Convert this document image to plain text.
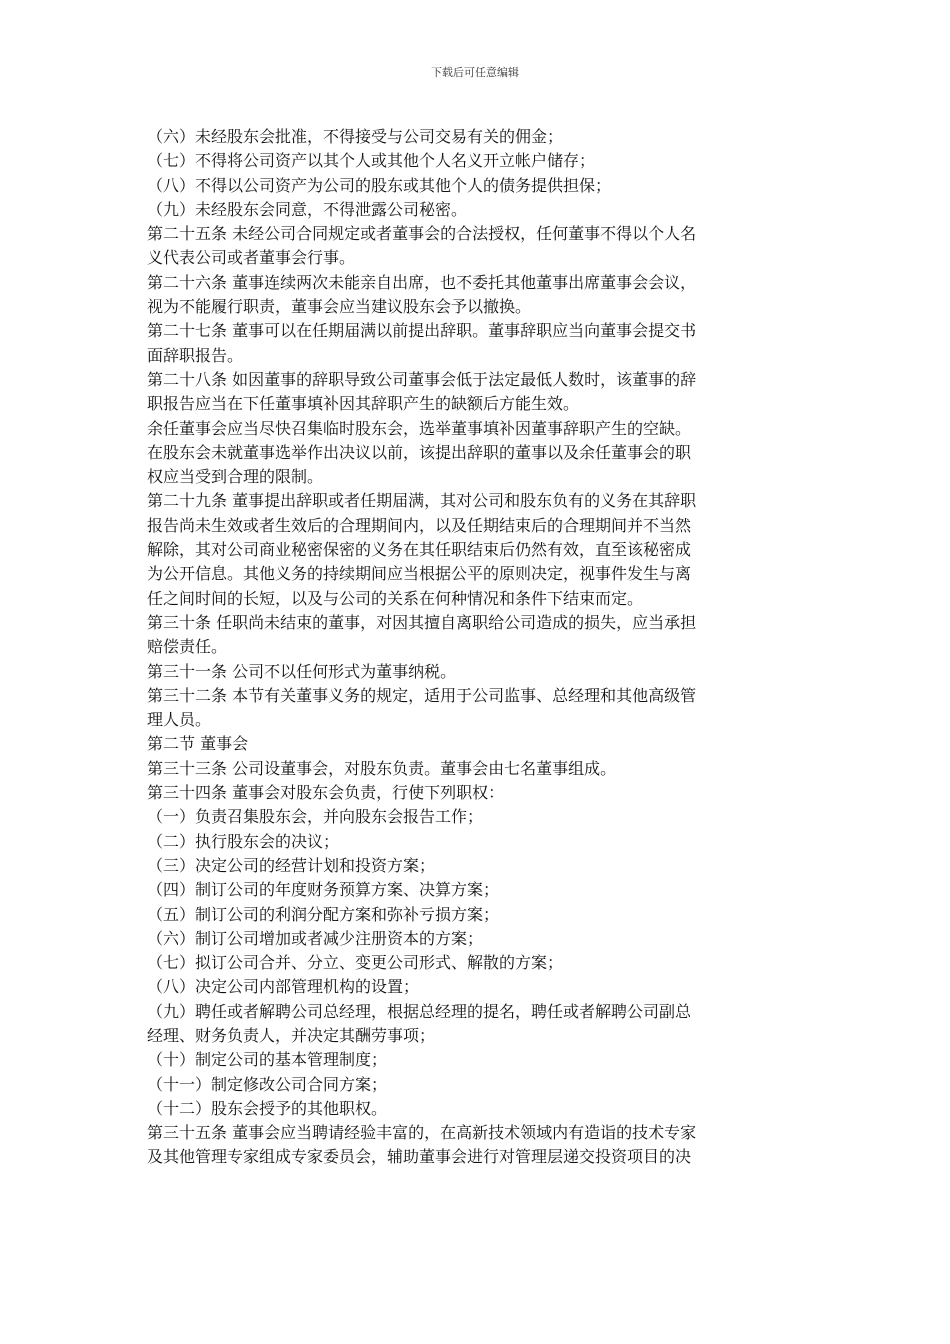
下载后可任意编辑
（六）未经股东会批准，不得接受与公司交易有关的佣金；
（七）不得将公司资产以其个人或其他个人名义开立帐户储存；
（八）不得以公司资产为公司的股东或其他个人的债务提供担保；
（九）未经股东会同意，不得泄露公司秘密。
第二十五条 未经公司合同规定或者董事会的合法授权，任何董事不得以个人名
义代表公司或者董事会行事。
第二十六条 董事连续两次未能亲自出席，也不委托其他董事出席董事会会议，
视为不能履行职责，董事会应当建议股东会予以撤换。
第二十七条 董事可以在任期届满以前提出辞职。董事辞职应当向董事会提交书
面辞职报告。
第二十八条 如因董事的辞职导致公司董事会低于法定最低人数时，该董事的辞
职报告应当在下任董事填补因其辞职产生的缺额后方能生效。
余任董事会应当尽快召集临时股东会，选举董事填补因董事辞职产生的空缺。
在股东会未就董事选举作出决议以前，该提出辞职的董事以及余任董事会的职
权应当受到合理的限制。
第二十九条 董事提出辞职或者任期届满，其对公司和股东负有的义务在其辞职
报告尚未生效或者生效后的合理期间内，以及任期结束后的合理期间并不当然
解除，其对公司商业秘密保密的义务在其任职结束后仍然有效，直至该秘密成
为公开信息。其他义务的持续期间应当根据公平的原则决定，视事件发生与离
任之间时间的长短，以及与公司的关系在何种情况和条件下结束而定。
第三十条 任职尚未结束的董事，对因其擅自离职给公司造成的损失，应当承担
赔偿责任。
第三十一条 公司不以任何形式为董事纳税。
第三十二条 本节有关董事义务的规定，适用于公司监事、总经理和其他高级管
理人员。
第二节 董事会
第三十三条 公司设董事会，对股东负责。董事会由七名董事组成。
第三十四条 董事会对股东会负责，行使下列职权：
（一）负责召集股东会，并向股东会报告工作；
（二）执行股东会的决议；
（三）决定公司的经营计划和投资方案；
（四）制订公司的年度财务预算方案、决算方案；
（五）制订公司的利润分配方案和弥补亏损方案；
（六）制订公司增加或者减少注册资本的方案；
（七）拟订公司合并、分立、变更公司形式、解散的方案；
（八）决定公司内部管理机构的设置；
（九）聘任或者解聘公司总经理，根据总经理的提名，聘任或者解聘公司副总
经理、财务负责人，并决定其酬劳事项；
（十）制定公司的基本管理制度；
（十一）制定修改公司合同方案；
（十二）股东会授予的其他职权。
第三十五条 董事会应当聘请经验丰富的，在高新技术领域内有造诣的技术专家
及其他管理专家组成专家委员会，辅助董事会进行对管理层递交投资项目的决
